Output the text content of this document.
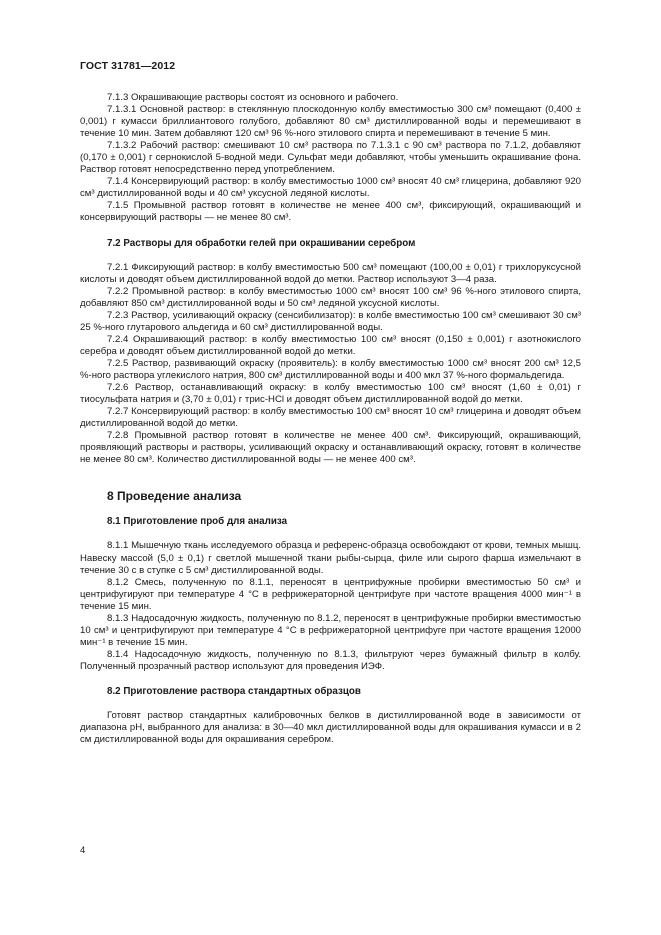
ГОСТ 31781—2012

7.1.3 Окрашивающие растворы состоят из основного и рабочего.

7.1.3.1 Основной раствор: в стеклянную плоскодонную колбу вместимостью 300 см³ помещают (0,400 ± 0,001) г кумасси бриллиантового голубого, добавляют 80 см³ дистиллированной воды и перемешивают в течение 10 мин. Затем добавляют 120 см³ 96 %-ного этилового спирта и перемешивают в течение 5 мин.

7.1.3.2 Рабочий раствор: смешивают 10 см³ раствора по 7.1.3.1 с 90 см³ раствора по 7.1.2, добавляют (0,170 ± 0,001) г сернокислой 5-водной меди. Сульфат меди добавляют, чтобы уменьшить окрашивание фона. Раствор готовят непосредственно перед употреблением.

7.1.4 Консервирующий раствор: в колбу вместимостью 1000 см³ вносят 40 см³ глицерина, добавляют 920 см³ дистиллированной воды и 40 см³ уксусной ледяной кислоты.

7.1.5 Промывной раствор готовят в количестве не менее 400 см³, фиксирующий, окрашивающий и консервирующий растворы — не менее 80 см³.

7.2 Растворы для обработки гелей при окрашивании серебром

7.2.1 Фиксирующий раствор: в колбу вместимостью 500 см³ помещают (100,00 ± 0,01) г трихлоруксусной кислоты и доводят объем дистиллированной водой до метки. Раствор используют 3—4 раза.

7.2.2 Промывной раствор: в колбу вместимостью 1000 см³ вносят 100 см³ 96 %-ного этилового спирта, добавляют 850 см³ дистиллированной воды и 50 см³ ледяной уксусной кислоты.

7.2.3 Раствор, усиливающий окраску (сенсибилизатор): в колбе вместимостью 100 см³ смешивают 30 см³ 25 %-ного глутарового альдегида и 60 см³ дистиллированной воды.

7.2.4 Окрашивающий раствор: в колбу вместимостью 100 см³ вносят (0,150 ± 0,001) г азотнокислого серебра и доводят объем дистиллированной водой до метки.

7.2.5 Раствор, развивающий окраску (проявитель): в колбу вместимостью 1000 см³ вносят 200 см³ 12,5 %-ного раствора углекислого натрия, 800 см³ дистиллированной воды и 400 мкл 37 %-ного формальдегида.

7.2.6 Раствор, останавливающий окраску: в колбу вместимостью 100 см³ вносят (1,60 ± 0,01) г тиосульфата натрия и (3,70 ± 0,01) г трис-HCl и доводят объем дистиллированной водой до метки.

7.2.7 Консервирующий раствор: в колбу вместимостью 100 см³ вносят 10 см³ глицерина и доводят объем дистиллированной водой до метки.

7.2.8 Промывной раствор готовят в количестве не менее 400 см³. Фиксирующий, окрашивающий, проявляющий растворы и растворы, усиливающий окраску и останавливающий окраску, готовят в количестве не менее 80 см³. Количество дистиллированной воды — не менее 400 см³.

8 Проведение анализа
8.1 Приготовление проб для анализа

8.1.1 Мышечную ткань исследуемого образца и референс-образца освобождают от крови, темных мышц. Навеску массой (5,0 ± 0,1) г светлой мышечной ткани рыбы-сырца, филе или сырого фарша измельчают в течение 30 с в ступке с 5 см³ дистиллированной воды.

8.1.2 Смесь, полученную по 8.1.1, переносят в центрифужные пробирки вместимостью 50 см³ и центрифугируют при температуре 4 °С в рефрижераторной центрифуге при частоте вращения 4000 мин⁻¹ в течение 15 мин.

8.1.3 Надосадочную жидкость, полученную по 8.1.2, переносят в центрифужные пробирки вместимостью 10 см³ и центрифугируют при температуре 4 °С в рефрижераторной центрифуге при частоте вращения 12000 мин⁻¹ в течение 15 мин.

8.1.4 Надосадочную жидкость, полученную по 8.1.3, фильтруют через бумажный фильтр в колбу. Полученный прозрачный раствор используют для проведения ИЭФ.

8.2 Приготовление раствора стандартных образцов

Готовят раствор стандартных калибровочных белков в дистиллированной воде в зависимости от диапазона pH, выбранного для анализа: в 30—40 мкл дистиллированной воды для окрашивания кумасси и в 2 см дистиллированной воды для окрашивания серебром.

4
